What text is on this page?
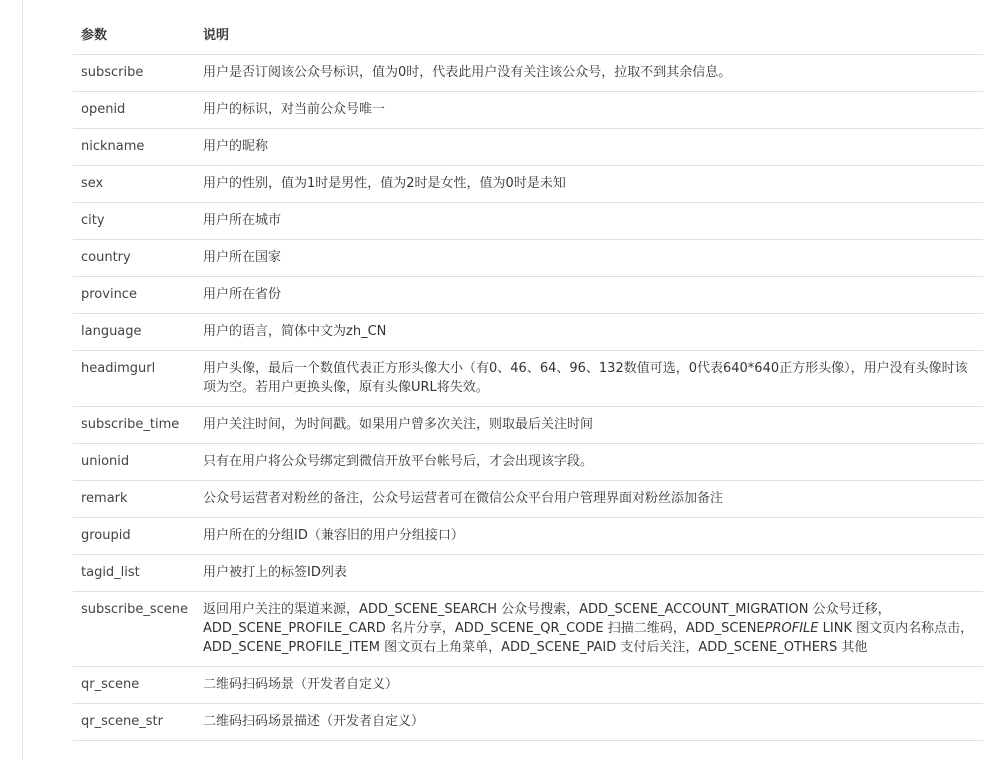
参数	说明
subscribe	用户是否订阅该公众号标识，值为0时，代表此用户没有关注该公众号，拉取不到其余信息。
openid	用户的标识，对当前公众号唯一
nickname	用户的昵称
sex	用户的性别，值为1时是男性，值为2时是女性，值为0时是未知
city	用户所在城市
country	用户所在国家
province	用户所在省份
language	用户的语言，简体中文为zh_CN
headimgurl	用户头像，最后一个数值代表正方形头像大小（有0、46、64、96、132数值可选，0代表640*640正方形头像），用户没有头像时该项为空。若用户更换头像，原有头像URL将失效。
subscribe_time	用户关注时间，为时间戳。如果用户曾多次关注，则取最后关注时间
unionid	只有在用户将公众号绑定到微信开放平台帐号后，才会出现该字段。
remark	公众号运营者对粉丝的备注，公众号运营者可在微信公众平台用户管理界面对粉丝添加备注
groupid	用户所在的分组ID（兼容旧的用户分组接口）
tagid_list	用户被打上的标签ID列表
subscribe_scene	返回用户关注的渠道来源，ADD_SCENE_SEARCH 公众号搜索，ADD_SCENE_ACCOUNT_MIGRATION 公众号迁移，ADD_SCENE_PROFILE_CARD 名片分享，ADD_SCENE_QR_CODE 扫描二维码，ADD_SCENEPROFILE LINK 图文页内名称点击，ADD_SCENE_PROFILE_ITEM 图文页右上角菜单，ADD_SCENE_PAID 支付后关注，ADD_SCENE_OTHERS 其他
qr_scene	二维码扫码场景（开发者自定义）
qr_scene_str	二维码扫码场景描述（开发者自定义）
